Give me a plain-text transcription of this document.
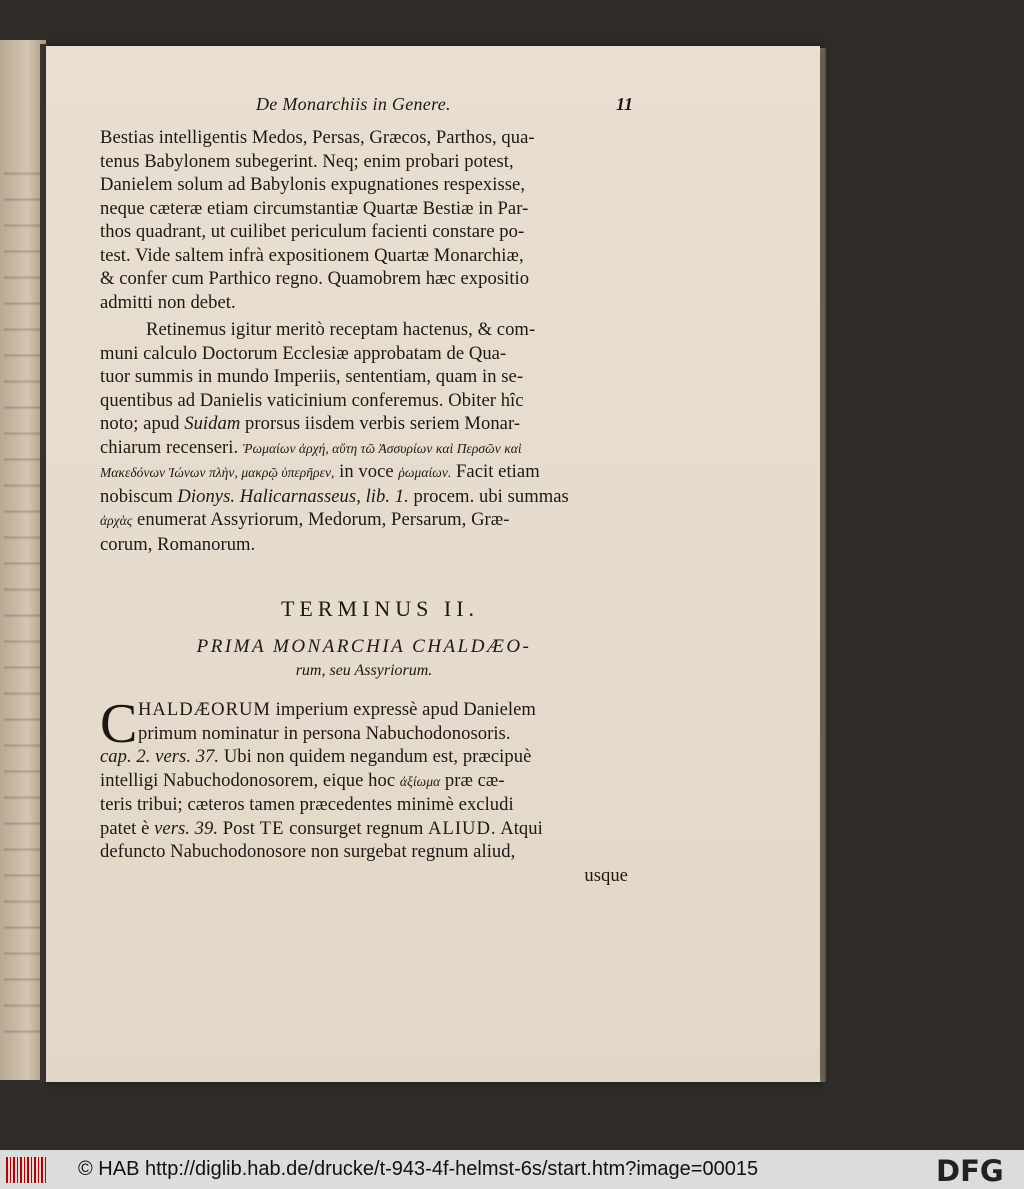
De Monarchiis in Genere.	11
Bestias intelligentis Medos, Persas, Græcos, Parthos, qua-
tenus Babylonem subegerint. Neq; enim probari potest,
Danielem solum ad Babylonis expugnationes respexisse,
neque cæteræ etiam circumstantiæ Quartæ Bestiæ in Par-
thos quadrant, ut cuilibet periculum facienti constare po-
test. Vide saltem infrà expositionem Quartæ Monarchiæ,
& confer cum Parthico regno. Quamobrem hæc expositio
admitti non debet.
Retinemus igitur meritò receptam hactenus, & com-
muni calculo Doctorum Ecclesiæ approbatam de Qua-
tuor summis in mundo Imperiis, sententiam, quam in se-
quentibus ad Danielis vaticinium conferemus. Obiter hîc
noto; apud Suidam prorsus iisdem verbis seriem Monar-
chiarum recenseri. Ῥωμαίων ἀρχή, αὕτη τῶ Ἀσσυρίων καὶ Περσῶν καὶ
Μακεδόνων Ἰώνων πλὴν, μακρῷ ὑπερῆρεν, in voce ῥωμαίων. Facit etiam
nobiscum Dionys. Halicarnasseus, lib. 1. procem. ubi summas
ἀρχὰς enumerat Assyriorum, Medorum, Persarum, Græ-
corum, Romanorum.
TERMINUS II.
PRIMA MONARCHIA CHALDÆO-
rum, seu Assyriorum.
C HALDÆORUM imperium expressè apud Danielem
primum nominatur in persona Nabuchodonosoris.
cap. 2. vers. 37. Ubi non quidem negandum est, præcipuè
intelligi Nabuchodonosorem, eique hoc ἀξίωμα præ cæ-
teris tribui; cæteros tamen præcedentes minimè excludi
patet è vers. 39. Post TE consurget regnum ALIUD. Atqui
defuncto Nabuchodonosore non surgebat regnum aliud,
usque
© HAB http://diglib.hab.de/drucke/t-943-4f-helmst-6s/start.htm?image=00015	DFG
